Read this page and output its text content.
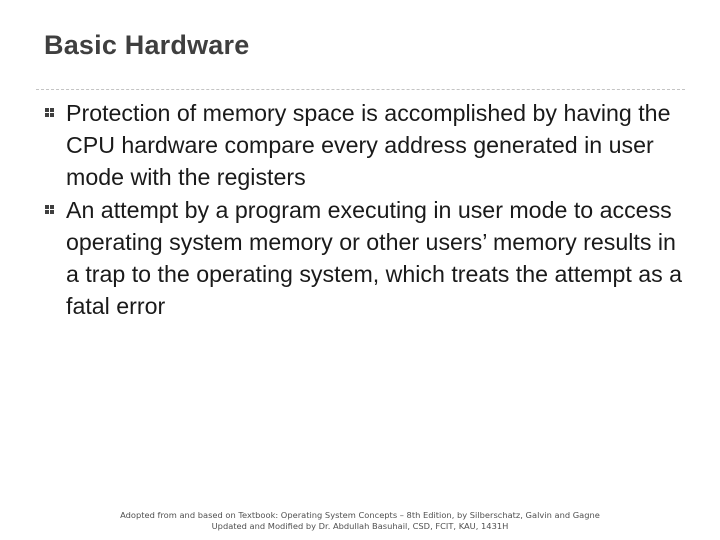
Basic Hardware
Protection of memory space is accomplished by having the CPU hardware compare every address generated in user mode with the registers
An attempt by a program executing in user mode to access operating system memory or other users’ memory results in a trap to the operating system, which treats the attempt as a fatal error
Adopted from and based on Textbook: Operating System Concepts – 8th Edition, by Silberschatz, Galvin and Gagne
Updated and Modified by Dr. Abdullah Basuhail, CSD, FCIT, KAU, 1431H
